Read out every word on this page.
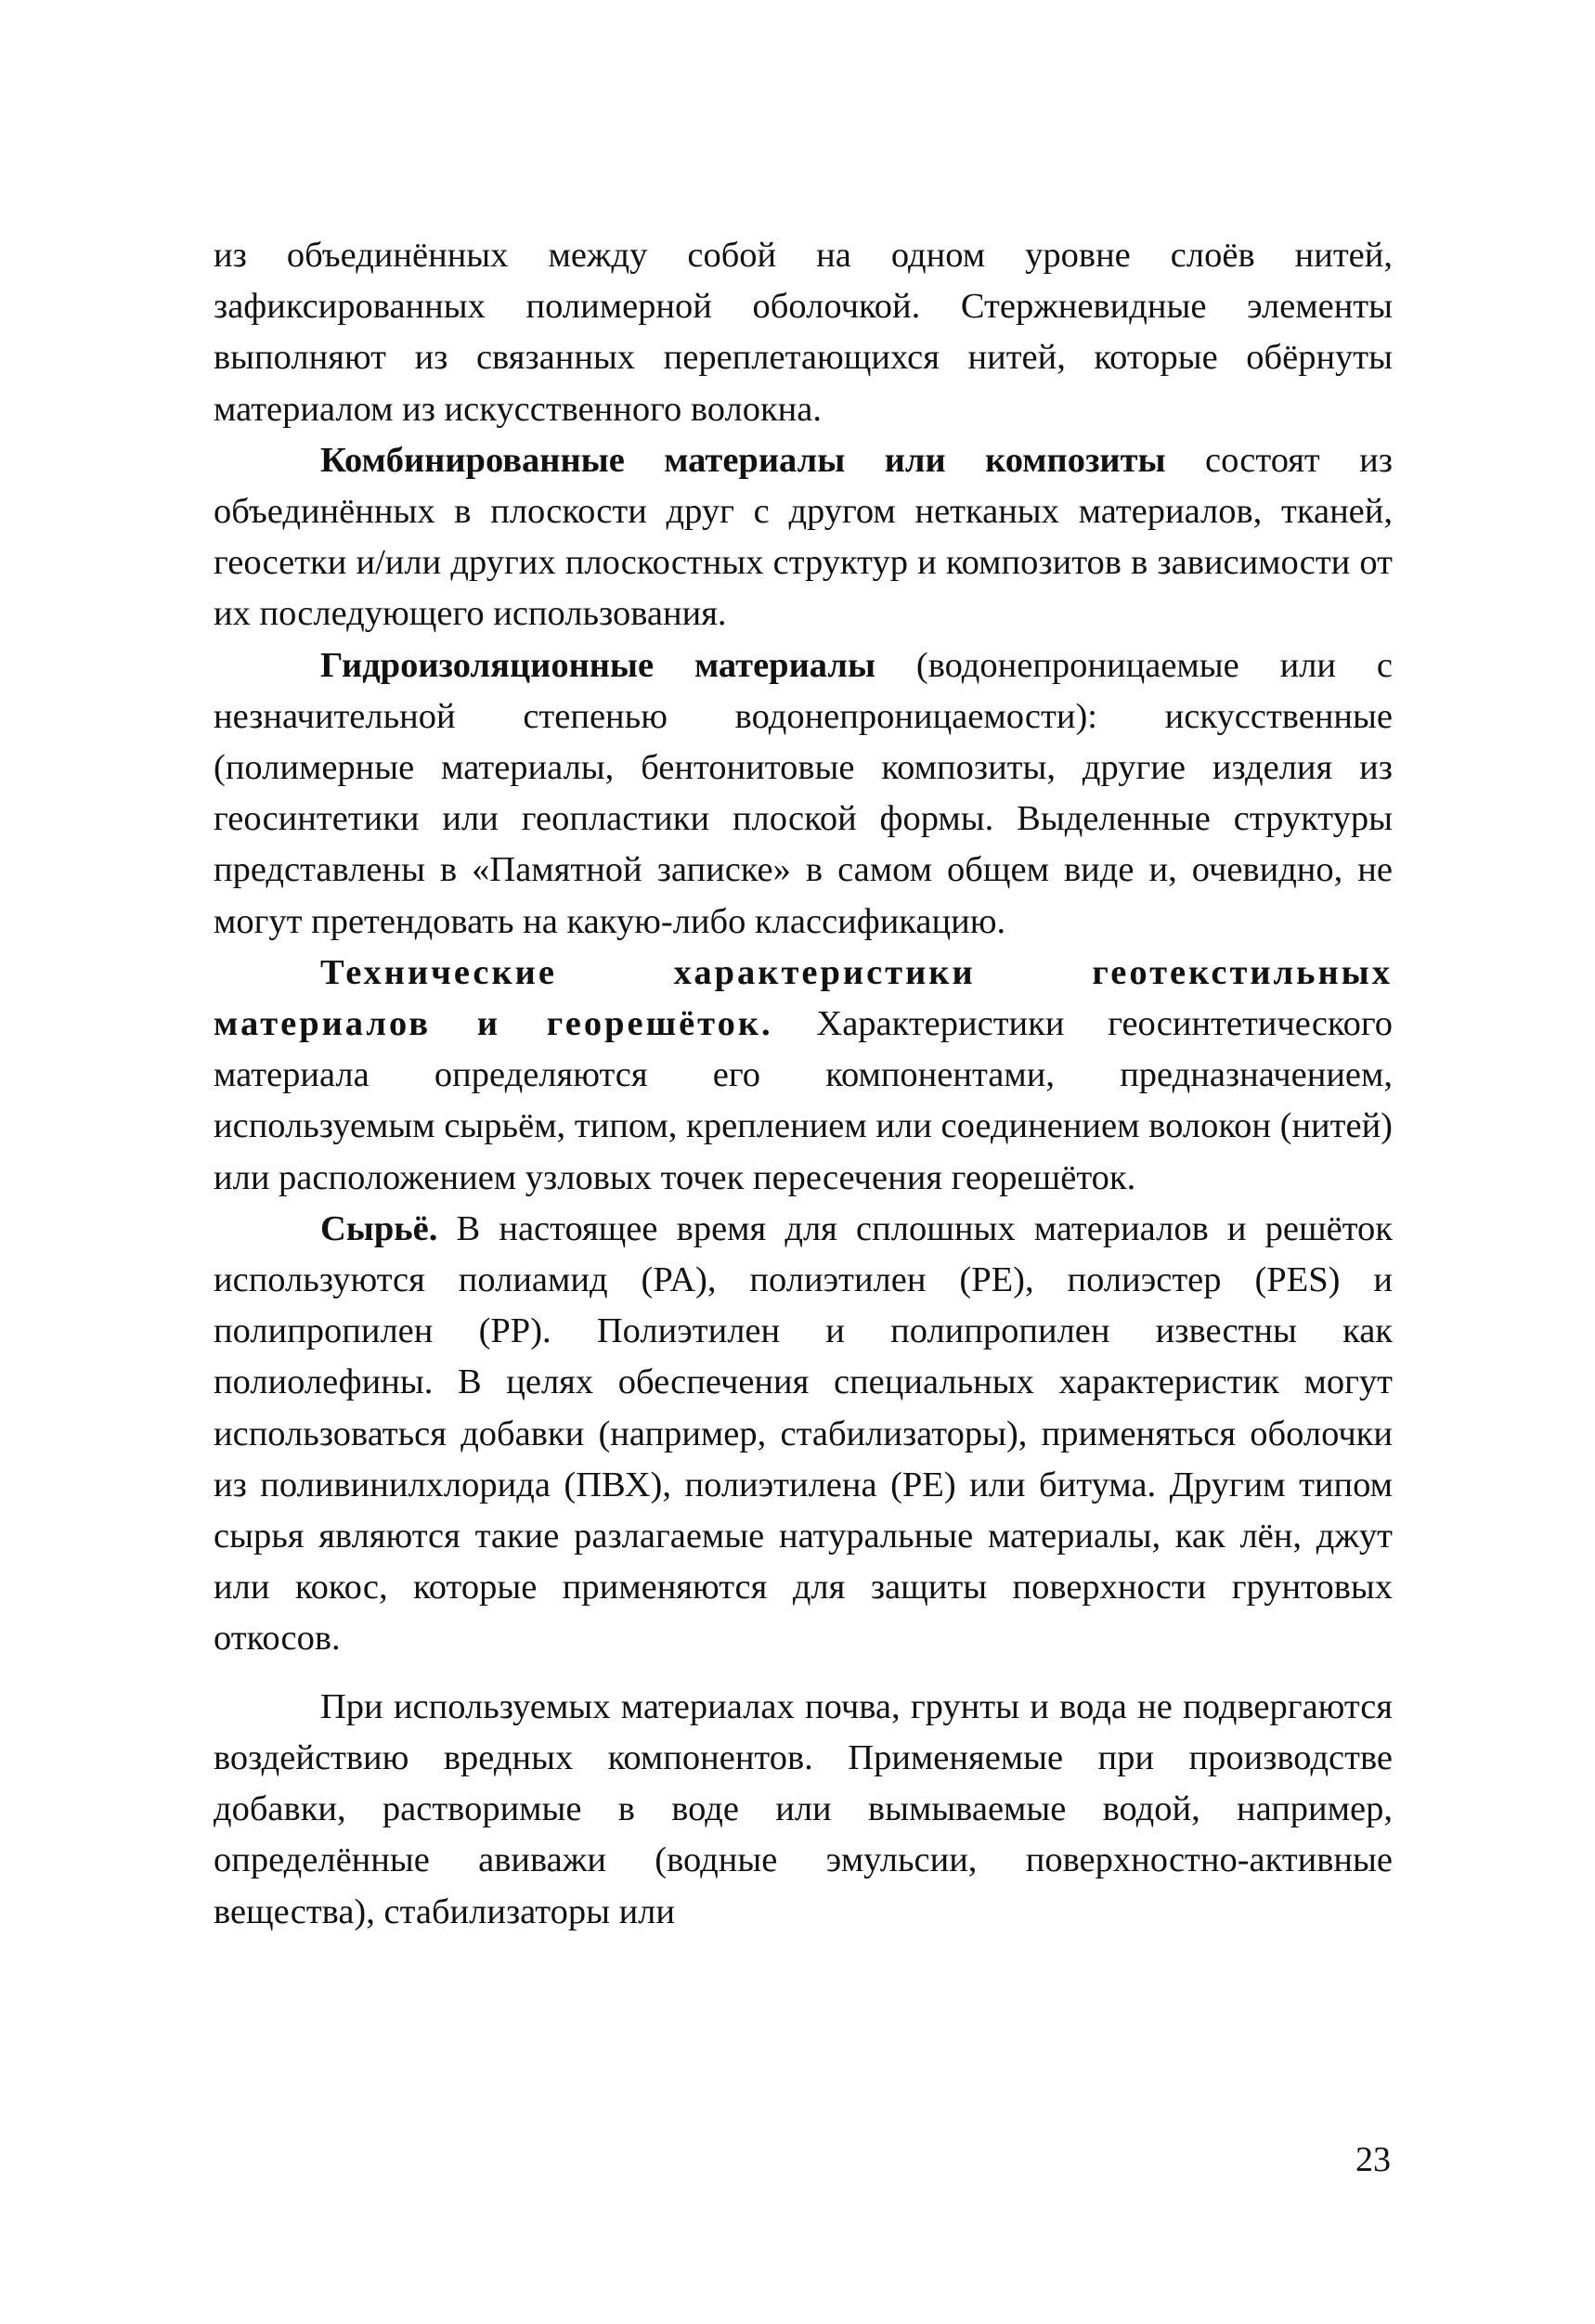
из объединённых между собой на одном уровне слоёв нитей, зафиксированных полимерной оболочкой. Стержневидные элементы выполняют из связанных переплетающихся нитей, которые обёрнуты материалом из искусственного волокна.

Комбинированные материалы или композиты состоят из объединённых в плоскости друг с другом нетканых материалов, тканей, геосетки и/или других плоскостных структур и композитов в зависимости от их последующего использования.

Гидроизоляционные материалы (водонепроницаемые или с незначительной степенью водонепроницаемости): искусственные (полимерные материалы, бентонитовые композиты, другие изделия из геосинтетики или геопластики плоской формы. Выделенные структуры представлены в «Памятной записке» в самом общем виде и, очевидно, не могут претендовать на какую-либо классификацию.

Технические характеристики геотекстильных материалов и георешёток. Характеристики геосинтетического материала определяются его компонентами, предназначением, используемым сырьём, типом, креплением или соединением волокон (нитей) или расположением узловых точек пересечения георешёток.

Сырьё. В настоящее время для сплошных материалов и решёток используются полиамид (PA), полиэтилен (PE), полиэстер (PES) и полипропилен (PP). Полиэтилен и полипропилен известны как полиолефины. В целях обеспечения специальных характеристик могут использоваться добавки (например, стабилизаторы), применяться оболочки из поливинилхлорида (ПВХ), полиэтилена (PE) или битума. Другим типом сырья являются такие разлагаемые натуральные материалы, как лён, джут или кокос, которые применяются для защиты поверхности грунтовых откосов.

При используемых материалах почва, грунты и вода не подвергаются воздействию вредных компонентов. Применяемые при производстве добавки, растворимые в воде или вымываемые водой, например, определённые авиважи (водные эмульсии, поверхностно-активные вещества), стабилизаторы или

23
